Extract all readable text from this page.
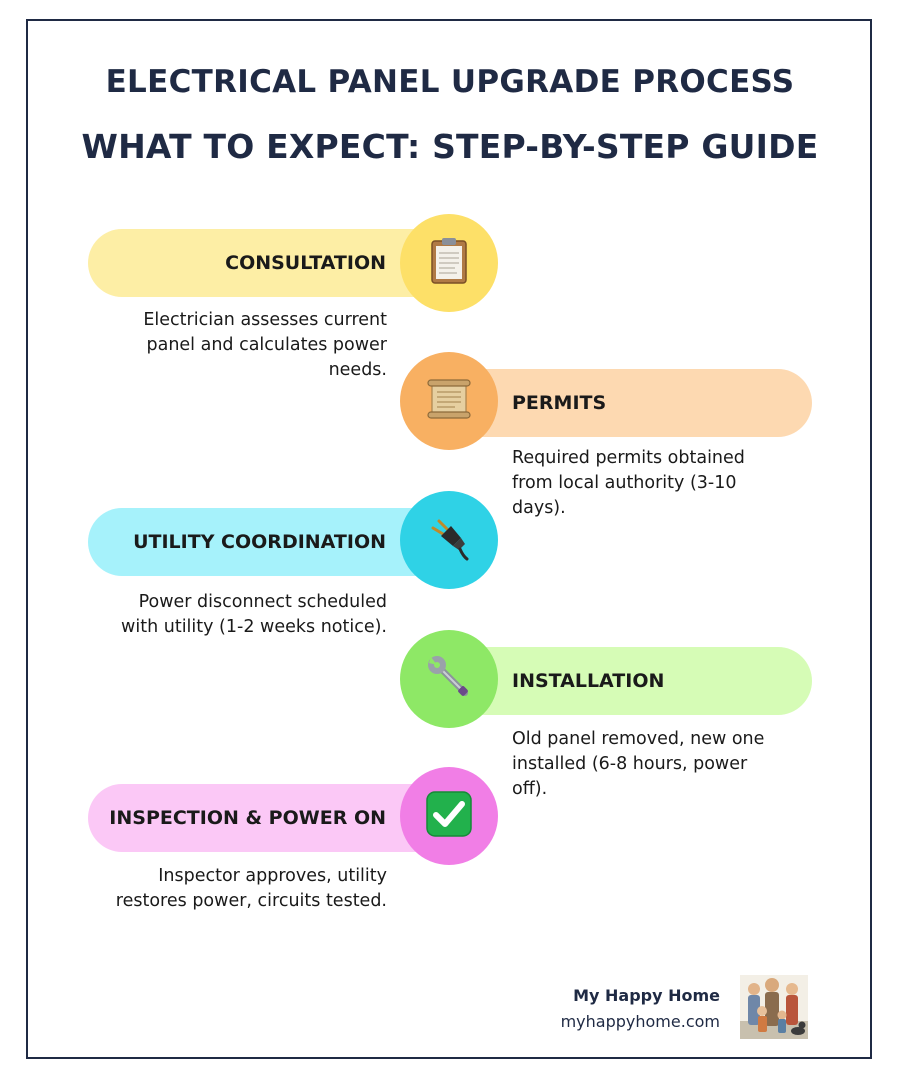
ELECTRICAL PANEL UPGRADE PROCESS
WHAT TO EXPECT: STEP-BY-STEP GUIDE
CONSULTATION
Electrician assesses current panel and calculates power needs.
PERMITS
Required permits obtained from local authority (3-10 days).
UTILITY COORDINATION
Power disconnect scheduled with utility (1-2 weeks notice).
INSTALLATION
Old panel removed, new one installed (6-8 hours, power off).
INSPECTION & POWER ON
Inspector approves, utility restores power, circuits tested.
My Happy Home
myhappyhome.com
